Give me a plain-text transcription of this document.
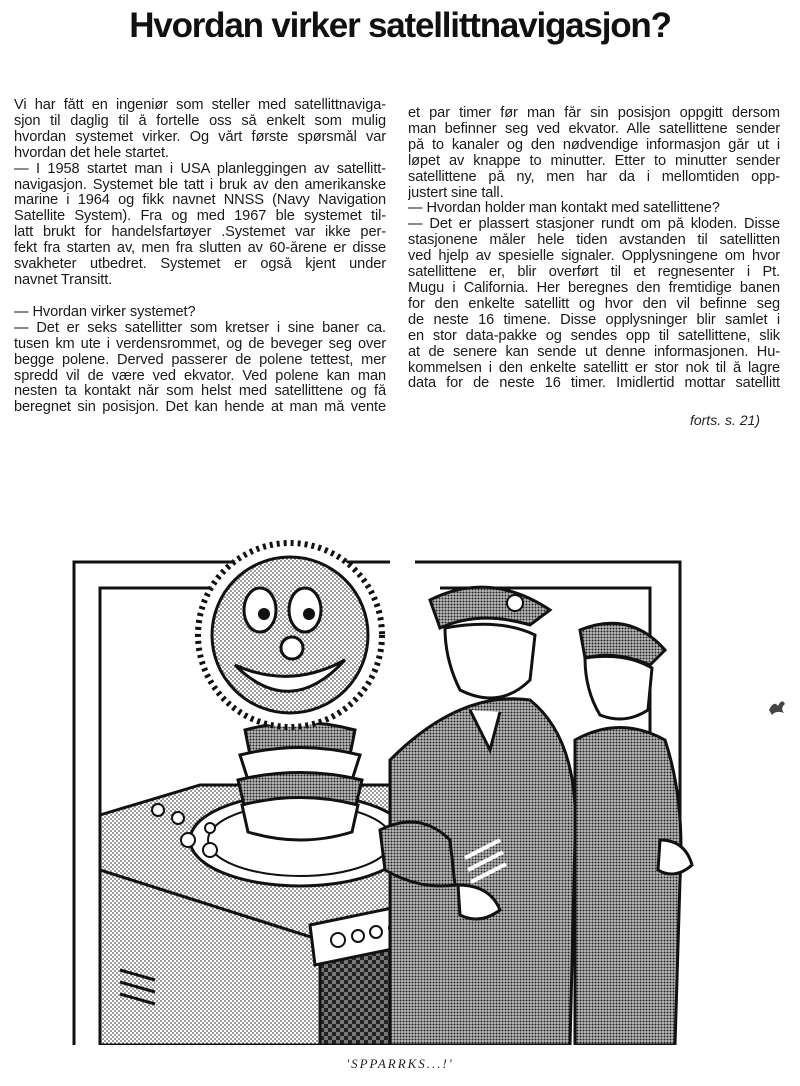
Hvordan virker satellittnavigasjon?
Vi har fått en ingeniør som steller med satellittnaviga-
sjon til daglig til å fortelle oss så enkelt som mulig
hvordan systemet virker. Og vårt første spørsmål var
hvordan det hele startet.
— I 1958 startet man i USA planleggingen av satellitt-
navigasjon. Systemet ble tatt i bruk av den amerikanske
marine i 1964 og fikk navnet NNSS (Navy Navigation
Satellite System). Fra og med 1967 ble systemet til-
latt brukt for handelsfartøyer .Systemet var ikke per-
fekt fra starten av, men fra slutten av 60-årene er disse
svakheter utbedret. Systemet er også kjent under
navnet Transitt.
— Hvordan virker systemet?
— Det er seks satellitter som kretser i sine baner ca.
tusen km ute i verdensrommet, og de beveger seg over
begge polene. Derved passerer de polene tettest, mer
spredd vil de være ved ekvator. Ved polene kan man
nesten ta kontakt når som helst med satellittene og få
beregnet sin posisjon. Det kan hende at man må vente
et par timer før man får sin posisjon oppgitt dersom
man befinner seg ved ekvator. Alle satellittene sender
på to kanaler og den nødvendige informasjon går ut i
løpet av knappe to minutter. Etter to minutter sender
satellittene på ny, men har da i mellomtiden opp-
justert sine tall.
— Hvordan holder man kontakt med satellittene?
— Det er plassert stasjoner rundt om på kloden. Disse
stasjonene måler hele tiden avstanden til satellitten
ved hjelp av spesielle signaler. Opplysningene om hvor
satellittene er, blir overført til et regnesenter i Pt.
Mugu i California. Her beregnes den fremtidige banen
for den enkelte satellitt og hvor den vil befinne seg
de neste 16 timene. Disse opplysninger blir samlet i
en stor data-pakke og sendes opp til satellittene, slik
at de senere kan sende ut denne informasjonen. Hu-
kommelsen i den enkelte satellitt er stor nok til å lagre
data for de neste 16 timer. Imidlertid mottar satellitt
forts. s. 21)
'SPPARRKS...!'
